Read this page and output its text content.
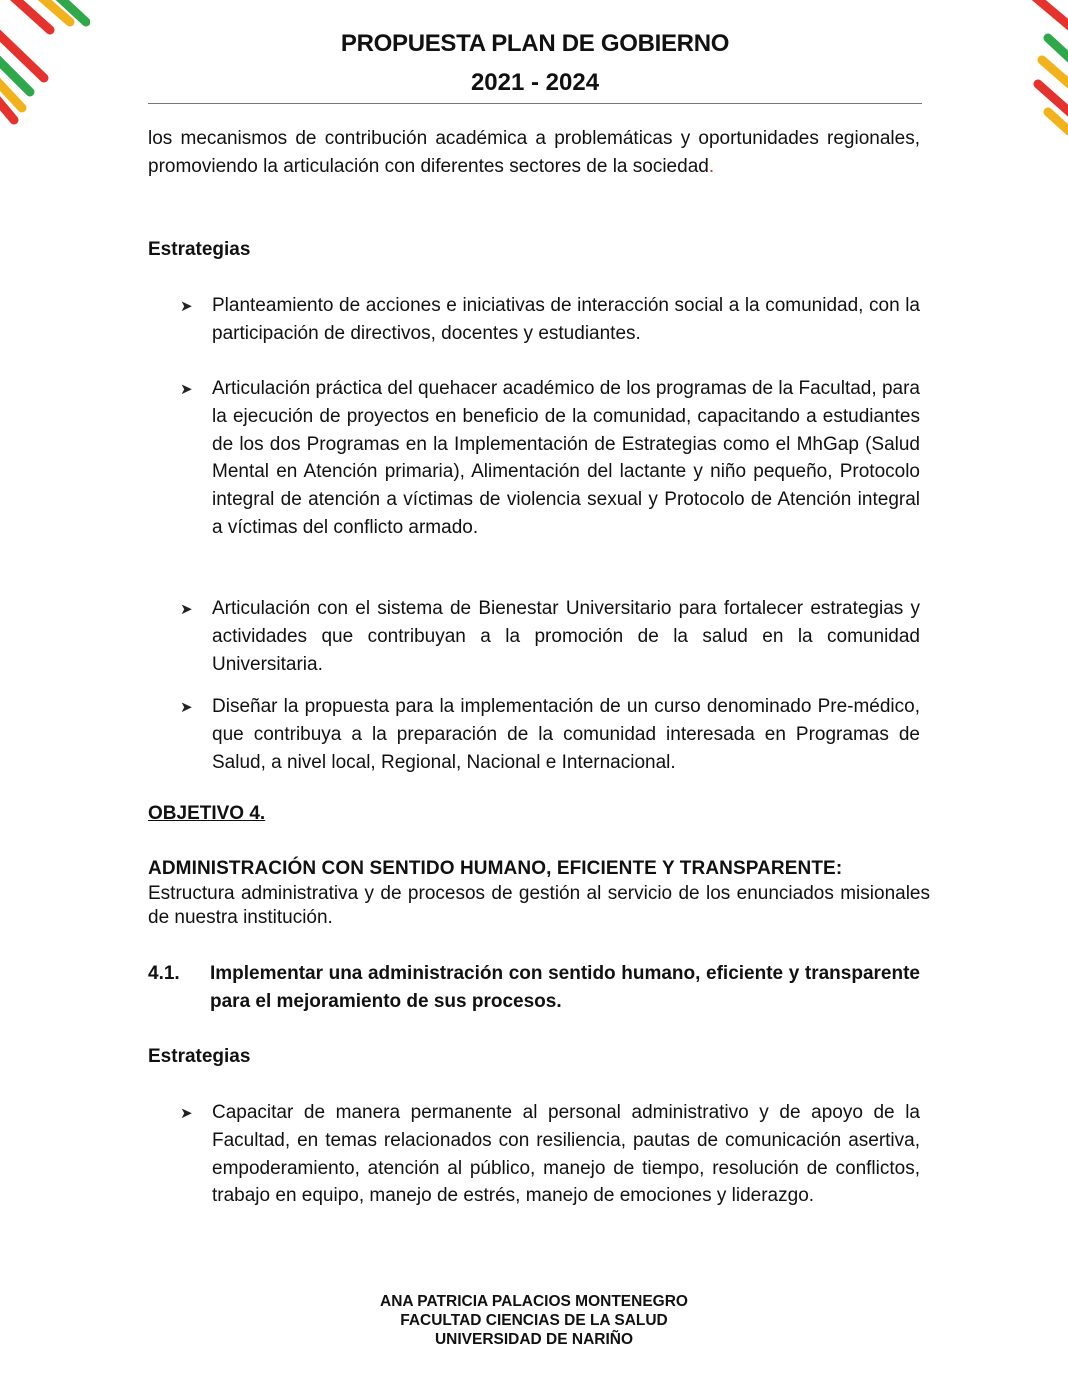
PROPUESTA PLAN DE GOBIERNO
2021 - 2024

los mecanismos de contribución académica a problemáticas y oportunidades regionales, promoviendo la articulación con diferentes sectores de la sociedad.

Estrategias

➤	Planteamiento de acciones e iniciativas de interacción social a la comunidad, con la participación de directivos, docentes y estudiantes.
➤	Articulación práctica del quehacer académico de los programas de la Facultad, para la ejecución de proyectos en beneficio de la comunidad, capacitando a estudiantes de los dos Programas en la Implementación de Estrategias como el MhGap (Salud Mental en Atención primaria), Alimentación del lactante y niño pequeño, Protocolo integral de atención a víctimas de violencia sexual y Protocolo de Atención integral a víctimas del conflicto armado.
➤	Articulación con el sistema de Bienestar Universitario para fortalecer estrategias y actividades que contribuyan a la promoción de la salud en la comunidad Universitaria.
➤	Diseñar la propuesta para la implementación de un curso denominado Pre-médico, que contribuya a la preparación de la comunidad interesada en Programas de Salud, a nivel local, Regional, Nacional e Internacional.

OBJETIVO 4.

ADMINISTRACIÓN CON SENTIDO HUMANO, EFICIENTE Y TRANSPARENTE:
Estructura administrativa y de procesos de gestión al servicio de los enunciados misionales de nuestra institución.
4.1.	Implementar una administración con sentido humano, eficiente y transparente para el mejoramiento de sus procesos.

Estrategias

➤	Capacitar de manera permanente al personal administrativo y de apoyo de la Facultad, en temas relacionados con resiliencia, pautas de comunicación asertiva, empoderamiento, atención al público, manejo de tiempo, resolución de conflictos, trabajo en equipo, manejo de estrés, manejo de emociones y liderazgo.
ANA PATRICIA PALACIOS MONTENEGRO
FACULTAD CIENCIAS DE LA SALUD
UNIVERSIDAD DE NARIÑO
